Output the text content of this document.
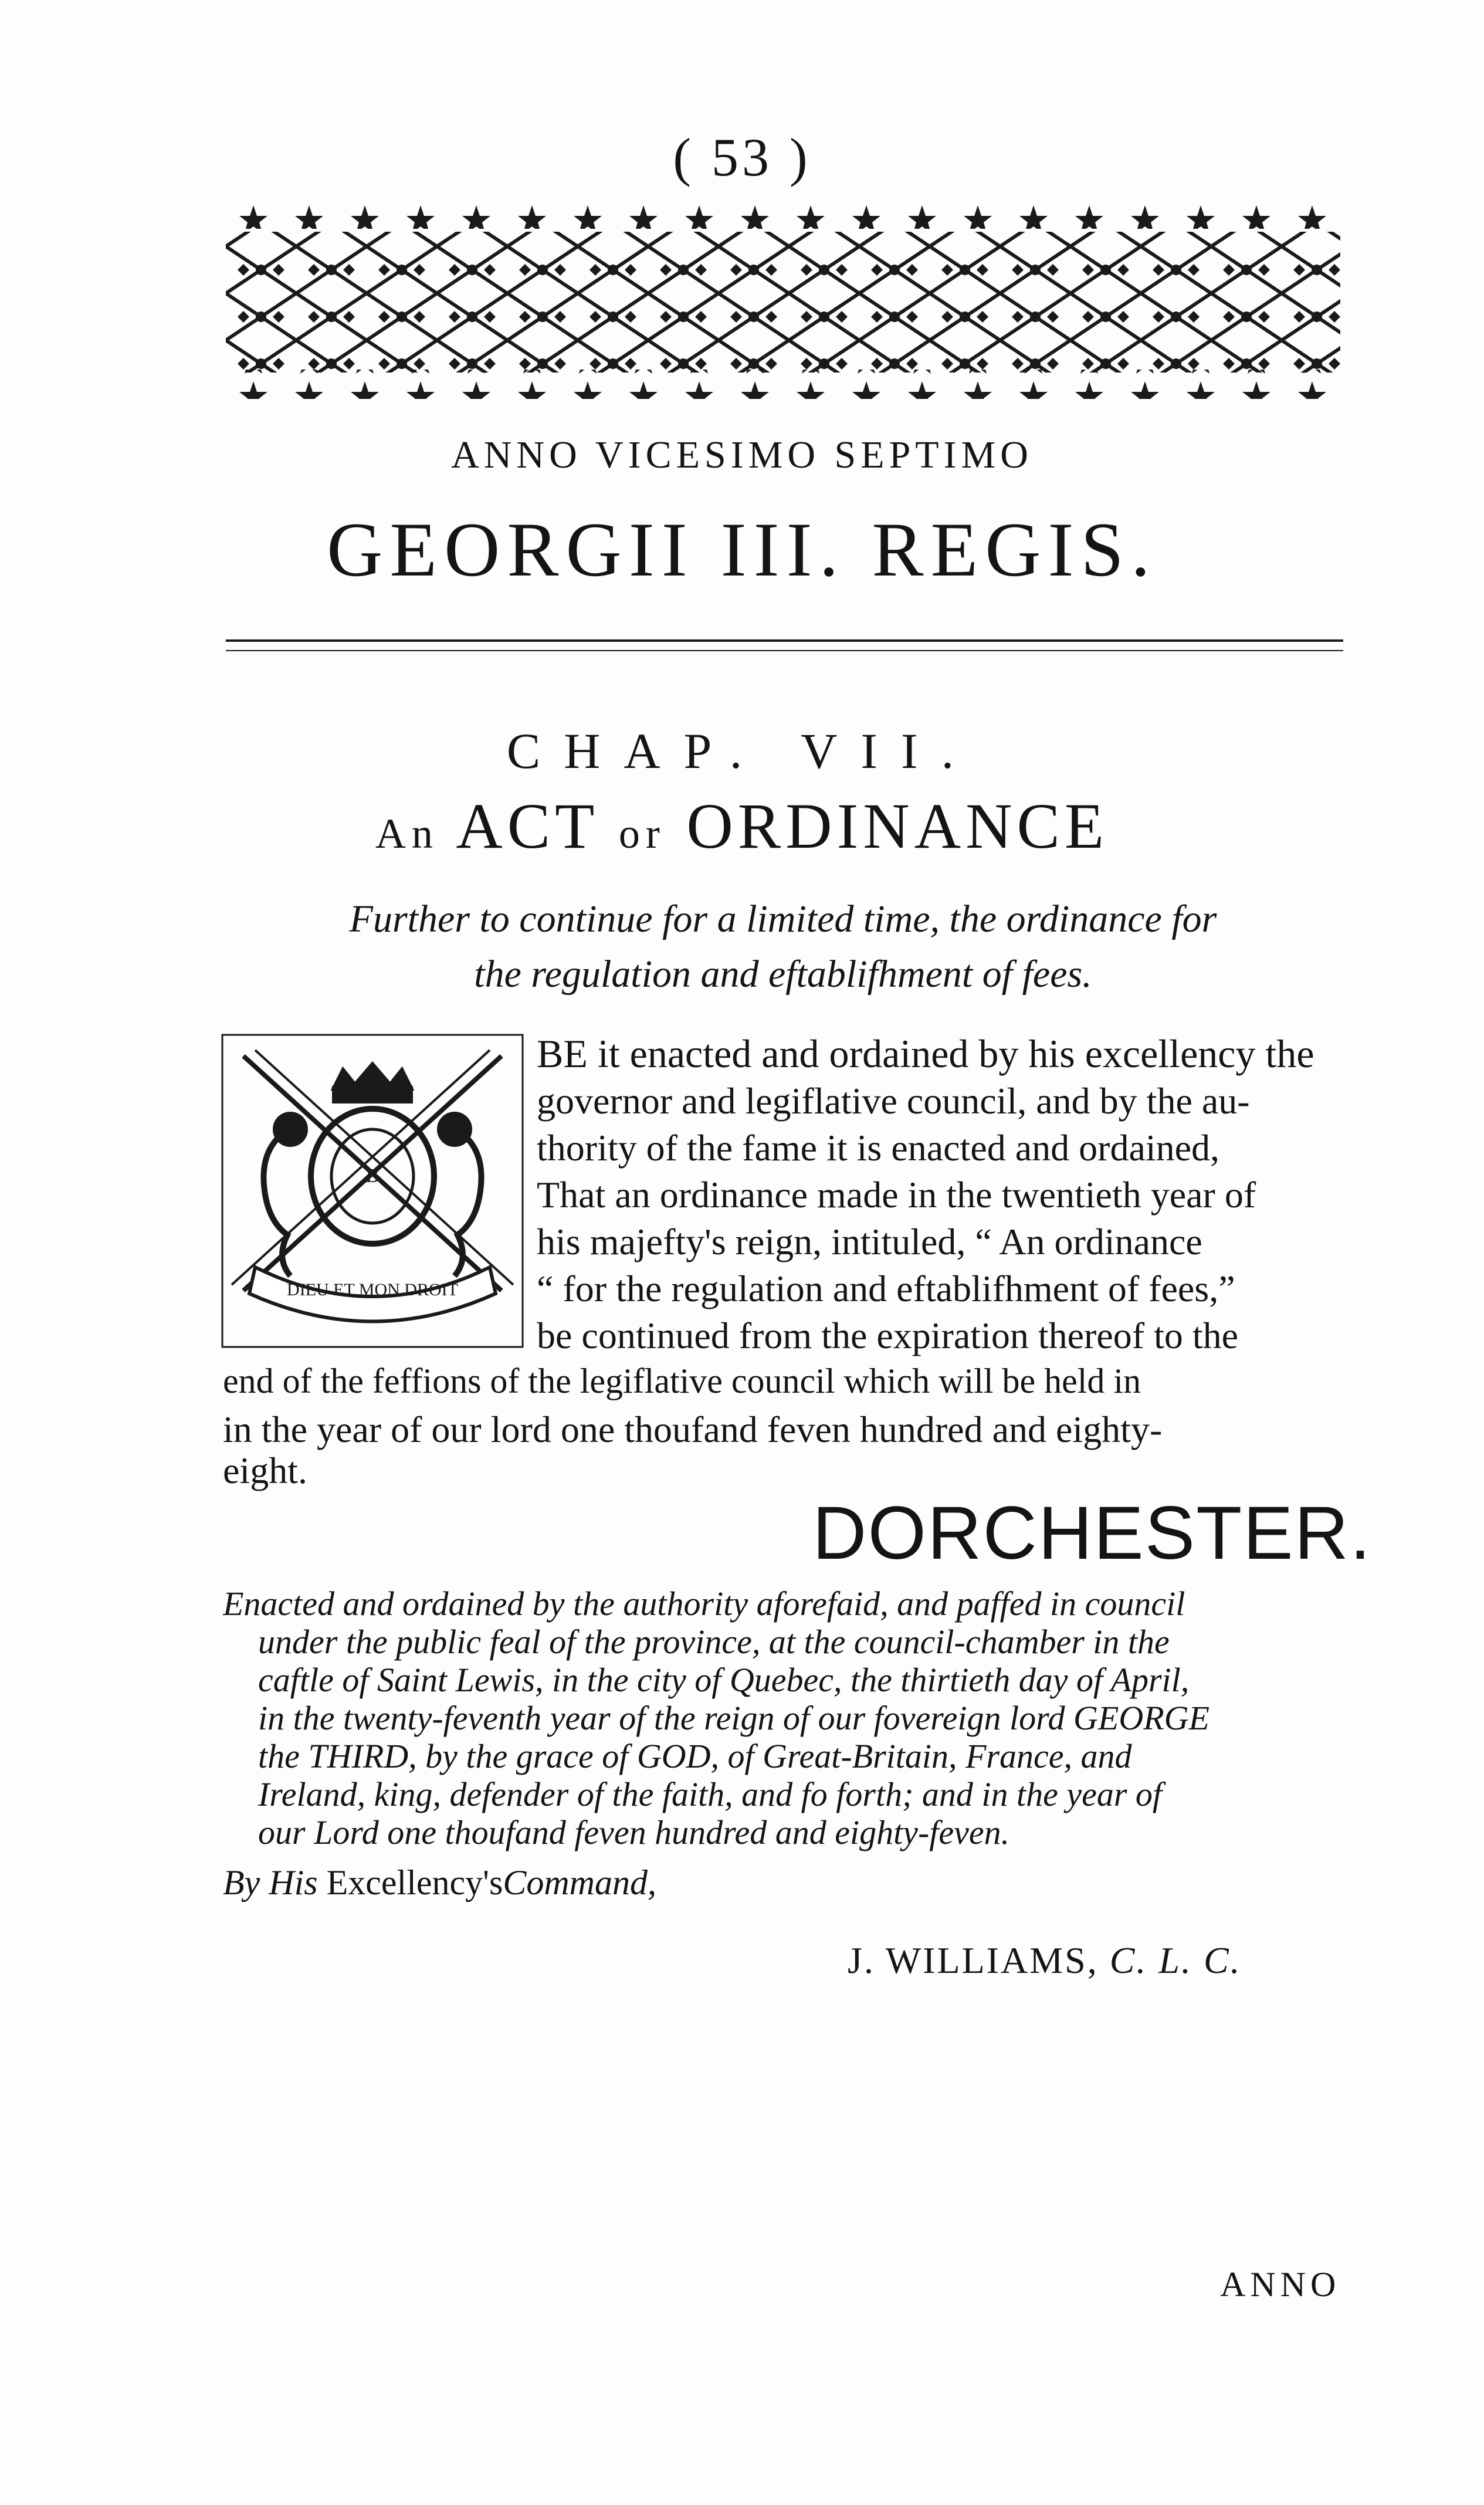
( 53 )
ANNO VICESIMO SEPTIMO
GEORGII III. REGIS.
CHAP. VII.
An ACT or ORDINANCE
Further to continue for a limited time, the ordinance for
the regulation and eftablifhment of fees.
B
DIEU ET MON DROIT
BE it enacted and ordained by his excellency the
governor and legiflative council, and by the au-
thority of the fame it is enacted and ordained,
That an ordinance made in the twentieth year of
his majefty's reign, intituled, “ An ordinance
“ for the regulation and eftablifhment of fees,”
be continued from the expiration thereof to the
end of the feffions of the legiflative council which will be held in
in the year of our lord one thoufand feven hundred and eighty-
eight.
DORCHESTER.
Enacted and ordained by the authority aforefaid, and paffed in council
under the public feal of the province, at the council-chamber in the
caftle of Saint Lewis, in the city of Quebec, the thirtieth day of April,
in the twenty-feventh year of the reign of our fovereign lord GEORGE
the THIRD, by the grace of GOD, of Great-Britain, France, and
Ireland, king, defender of the faith, and fo forth; and in the year of
our Lord one thoufand feven hundred and eighty-feven.
By His Excellency'sCommand,
J. WILLIAMS, C. L. C.
ANNO
